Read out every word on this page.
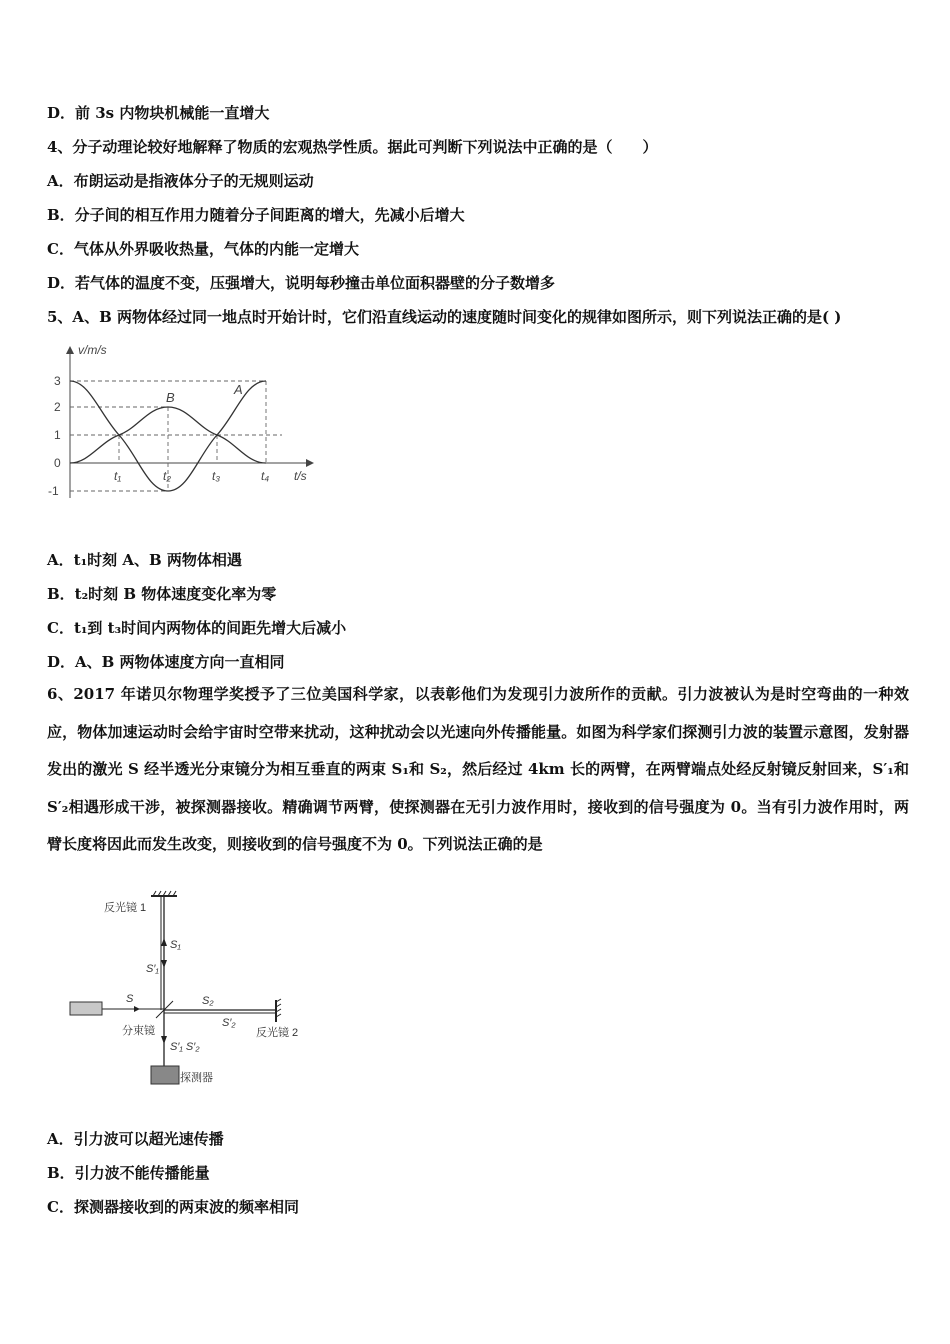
D．前 3s 内物块机械能一直增大
4、分子动理论较好地解释了物质的宏观热学性质。据此可判断下列说法中正确的是（　　）
A．布朗运动是指液体分子的无规则运动
B．分子间的相互作用力随着分子间距离的增大，先减小后增大
C．气体从外界吸收热量，气体的内能一定增大
D．若气体的温度不变，压强增大，说明每秒撞击单位面积器壁的分子数增多
5、A、B 两物体经过同一地点时开始计时，它们沿直线运动的速度随时间变化的规律如图所示，则下列说法正确的是( )
v/m/s
t/s
3
2
1
0
-1
t₁	t₂	t₃	t₄
A
B
A．t₁时刻 A、B 两物体相遇
B．t₂时刻 B 物体速度变化率为零
C．t₁到 t₃时间内两物体的间距先增大后减小
D．A、B 两物体速度方向一直相同
6、2017 年诺贝尔物理学奖授予了三位美国科学家，以表彰他们为发现引力波所作的贡献。引力波被认为是时空弯曲的一种效应，物体加速运动时会给宇宙时空带来扰动，这种扰动会以光速向外传播能量。如图为科学家们探测引力波的装置示意图，发射器发出的激光 S 经半透光分束镜分为相互垂直的两束 S₁和 S₂，然后经过 4km 长的两臂，在两臂端点处经反射镜反射回来，S′₁和 S′₂相遇形成干涉，被探测器接收。精确调节两臂，使探测器在无引力波作用时，接收到的信号强度为 0。当有引力波作用时，两臂长度将因此而发生改变，则接收到的信号强度不为 0。下列说法正确的是
反光镜 1
反光镜 2
分束镜
探测器
S
S₁
S′₁
S₂
S′₂
S′₁ S′₂
A．引力波可以超光速传播
B．引力波不能传播能量
C．探测器接收到的两束波的频率相同
